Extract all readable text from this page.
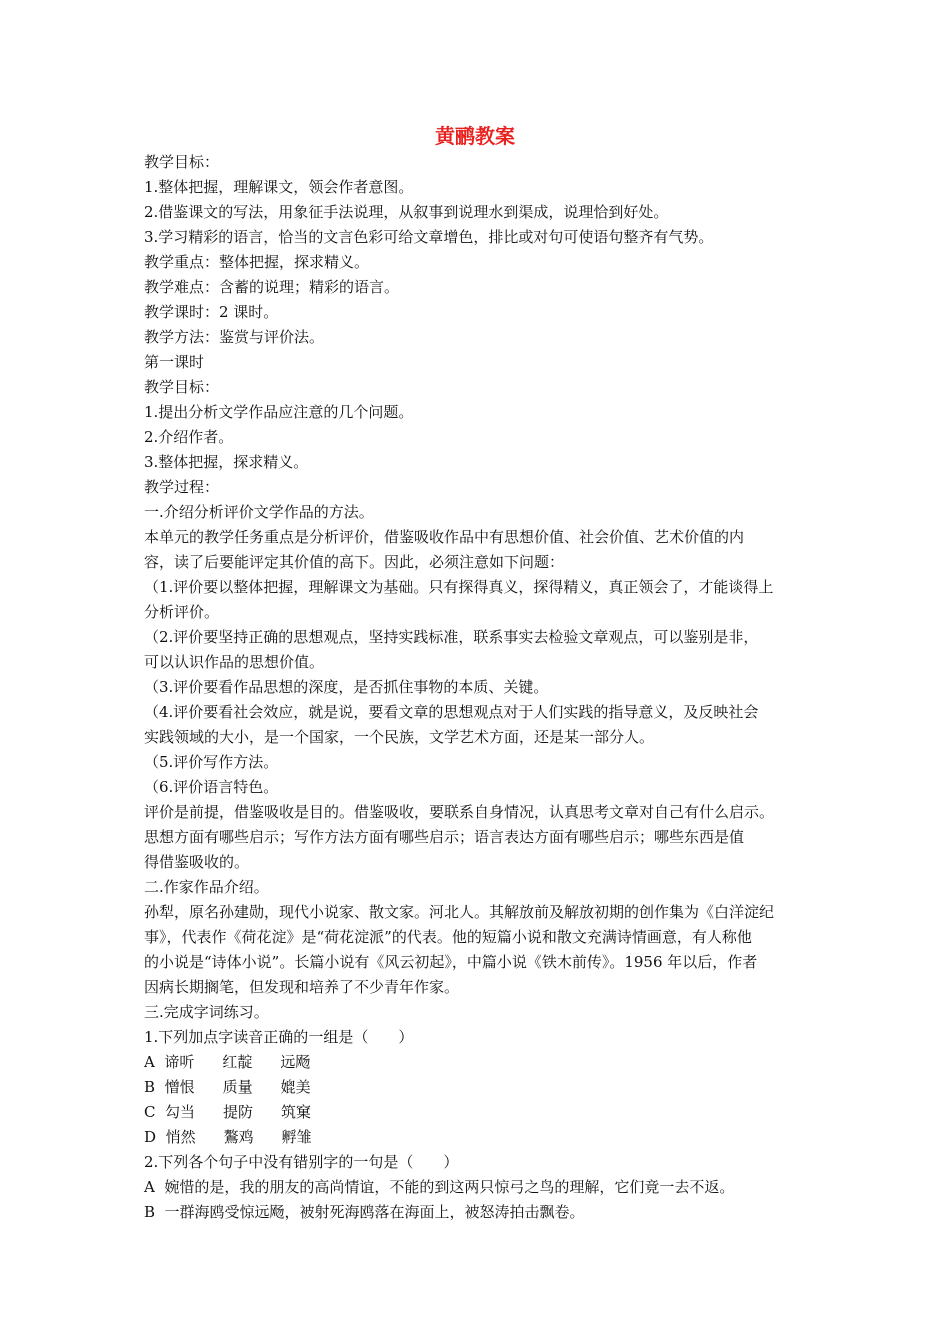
黄鹂教案
教学目标：
1.整体把握，理解课文，领会作者意图。
2.借鉴课文的写法，用象征手法说理，从叙事到说理水到渠成，说理恰到好处。
3.学习精彩的语言，恰当的文言色彩可给文章增色，排比或对句可使语句整齐有气势。
教学重点：整体把握，探求精义。
教学难点：含蓄的说理；精彩的语言。
教学课时：2 课时。
教学方法：鉴赏与评价法。
第一课时
教学目标：
1.提出分析文学作品应注意的几个问题。
2.介绍作者。
3.整体把握，探求精义。
教学过程：
一.介绍分析评价文学作品的方法。
本单元的教学任务重点是分析评价，借鉴吸收作品中有思想价值、社会价值、艺术价值的内
容，读了后要能评定其价值的高下。因此，必须注意如下问题：
（1.评价要以整体把握，理解课文为基础。只有探得真义，探得精义，真正领会了，才能谈得上
分析评价。
（2.评价要坚持正确的思想观点，坚持实践标准，联系事实去检验文章观点，可以鉴别是非，
可以认识作品的思想价值。
（3.评价要看作品思想的深度，是否抓住事物的本质、关键。
（4.评价要看社会效应，就是说，要看文章的思想观点对于人们实践的指导意义，及反映社会
实践领域的大小，是一个国家，一个民族，文学艺术方面，还是某一部分人。
（5.评价写作方法。
（6.评价语言特色。
评价是前提，借鉴吸收是目的。借鉴吸收，要联系自身情况，认真思考文章对自己有什么启示。
思想方面有哪些启示；写作方法方面有哪些启示；语言表达方面有哪些启示；哪些东西是值
得借鉴吸收的。
二.作家作品介绍。
孙犁，原名孙建勋，现代小说家、散文家。河北人。其解放前及解放初期的创作集为《白洋淀纪
事》，代表作《荷花淀》是“荷花淀派”的代表。他的短篇小说和散文充满诗情画意，有人称他
的小说是“诗体小说”。长篇小说有《风云初起》，中篇小说《铁木前传》。1956 年以后，作者
因病长期搁笔，但发现和培养了不少青年作家。
三.完成字词练习。
1.下列加点字读音正确的一组是（　　）
A 谛听 红靛 远飏
B 憎恨 质量 媲美
C 勾当 提防 筑窠
D 悄然 鷔鸡 孵雏
2.下列各个句子中没有错别字的一句是（　　）
A  婉惜的是，我的朋友的高尚情谊，不能的到这两只惊弓之鸟的理解，它们竟一去不返。
B  一群海鸥受惊远飏，被射死海鸥落在海面上，被怒涛拍击飘卷。
